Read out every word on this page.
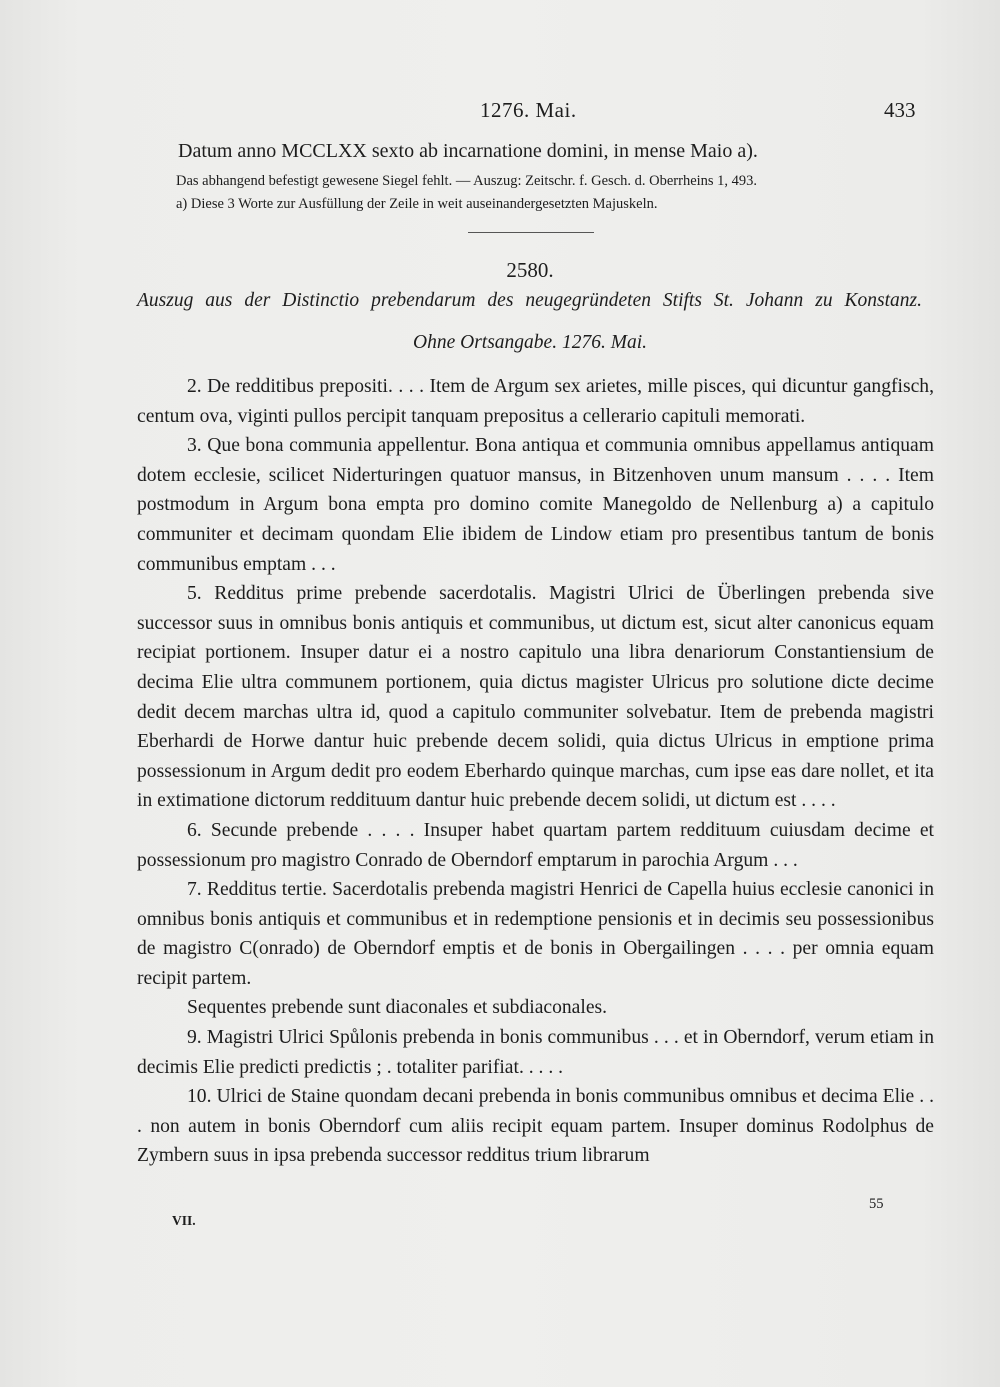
1276. Mai.	433
Datum anno MCCLXX sexto ab incarnatione domini, in mense Maio a).
Das abhangend befestigt gewesene Siegel fehlt. — Auszug: Zeitschr. f. Gesch. d. Oberrheins 1, 493.
a) Diese 3 Worte zur Ausfüllung der Zeile in weit auseinandergesetzten Majuskeln.
2580.
Auszug aus der Distinctio prebendarum des neugegründeten Stifts St. Johann zu Konstanz.
Ohne Ortsangabe. 1276. Mai.

2. De redditibus prepositi. . . . Item de Argum sex arietes, mille pisces, qui dicuntur gangfisch, centum ova, viginti pullos percipit tanquam prepositus a cellerario capituli memorati.

3. Que bona communia appellentur. Bona antiqua et communia omnibus appellamus antiquam dotem ecclesie, scilicet Niderturingen quatuor mansus, in Bitzenhoven unum mansum . . . . Item postmodum in Argum bona empta pro domino comite Manegoldo de Nellenburg a) a capitulo communiter et decimam quondam Elie ibidem de Lindow etiam pro presentibus tantum de bonis communibus emptam . . .

5. Redditus prime prebende sacerdotalis. Magistri Ulrici de Überlingen prebenda sive successor suus in omnibus bonis antiquis et communibus, ut dictum est, sicut alter canonicus equam recipiat portionem. Insuper datur ei a nostro capitulo una libra denariorum Constantiensium de decima Elie ultra communem portionem, quia dictus magister Ulricus pro solutione dicte decime dedit decem marchas ultra id, quod a capitulo communiter solvebatur. Item de prebenda magistri Eberhardi de Horwe dantur huic prebende decem solidi, quia dictus Ulricus in emptione prima possessionum in Argum dedit pro eodem Eberhardo quinque marchas, cum ipse eas dare nollet, et ita in extimatione dictorum reddituum dantur huic prebende decem solidi, ut dictum est . . . .

6. Secunde prebende . . . . Insuper habet quartam partem reddituum cuiusdam decime et possessionum pro magistro Conrado de Oberndorf emptarum in parochia Argum . . .

7. Redditus tertie. Sacerdotalis prebenda magistri Henrici de Capella huius ecclesie canonici in omnibus bonis antiquis et communibus et in redemptione pensionis et in decimis seu possessionibus de magistro C(onrado) de Oberndorf emptis et de bonis in Obergailingen . . . . per omnia equam recipit partem.

Sequentes prebende sunt diaconales et subdiaconales.

9. Magistri Ulrici Spůlonis prebenda in bonis communibus . . . et in Oberndorf, verum etiam in decimis Elie predicti predictis ; . totaliter parifiat. . . . .

10. Ulrici de Staine quondam decani prebenda in bonis communibus omnibus et decima Elie . . . non autem in bonis Oberndorf cum aliis recipit equam partem. Insuper dominus Rodolphus de Zymbern suus in ipsa prebenda successor redditus trium librarum

VII.
55
